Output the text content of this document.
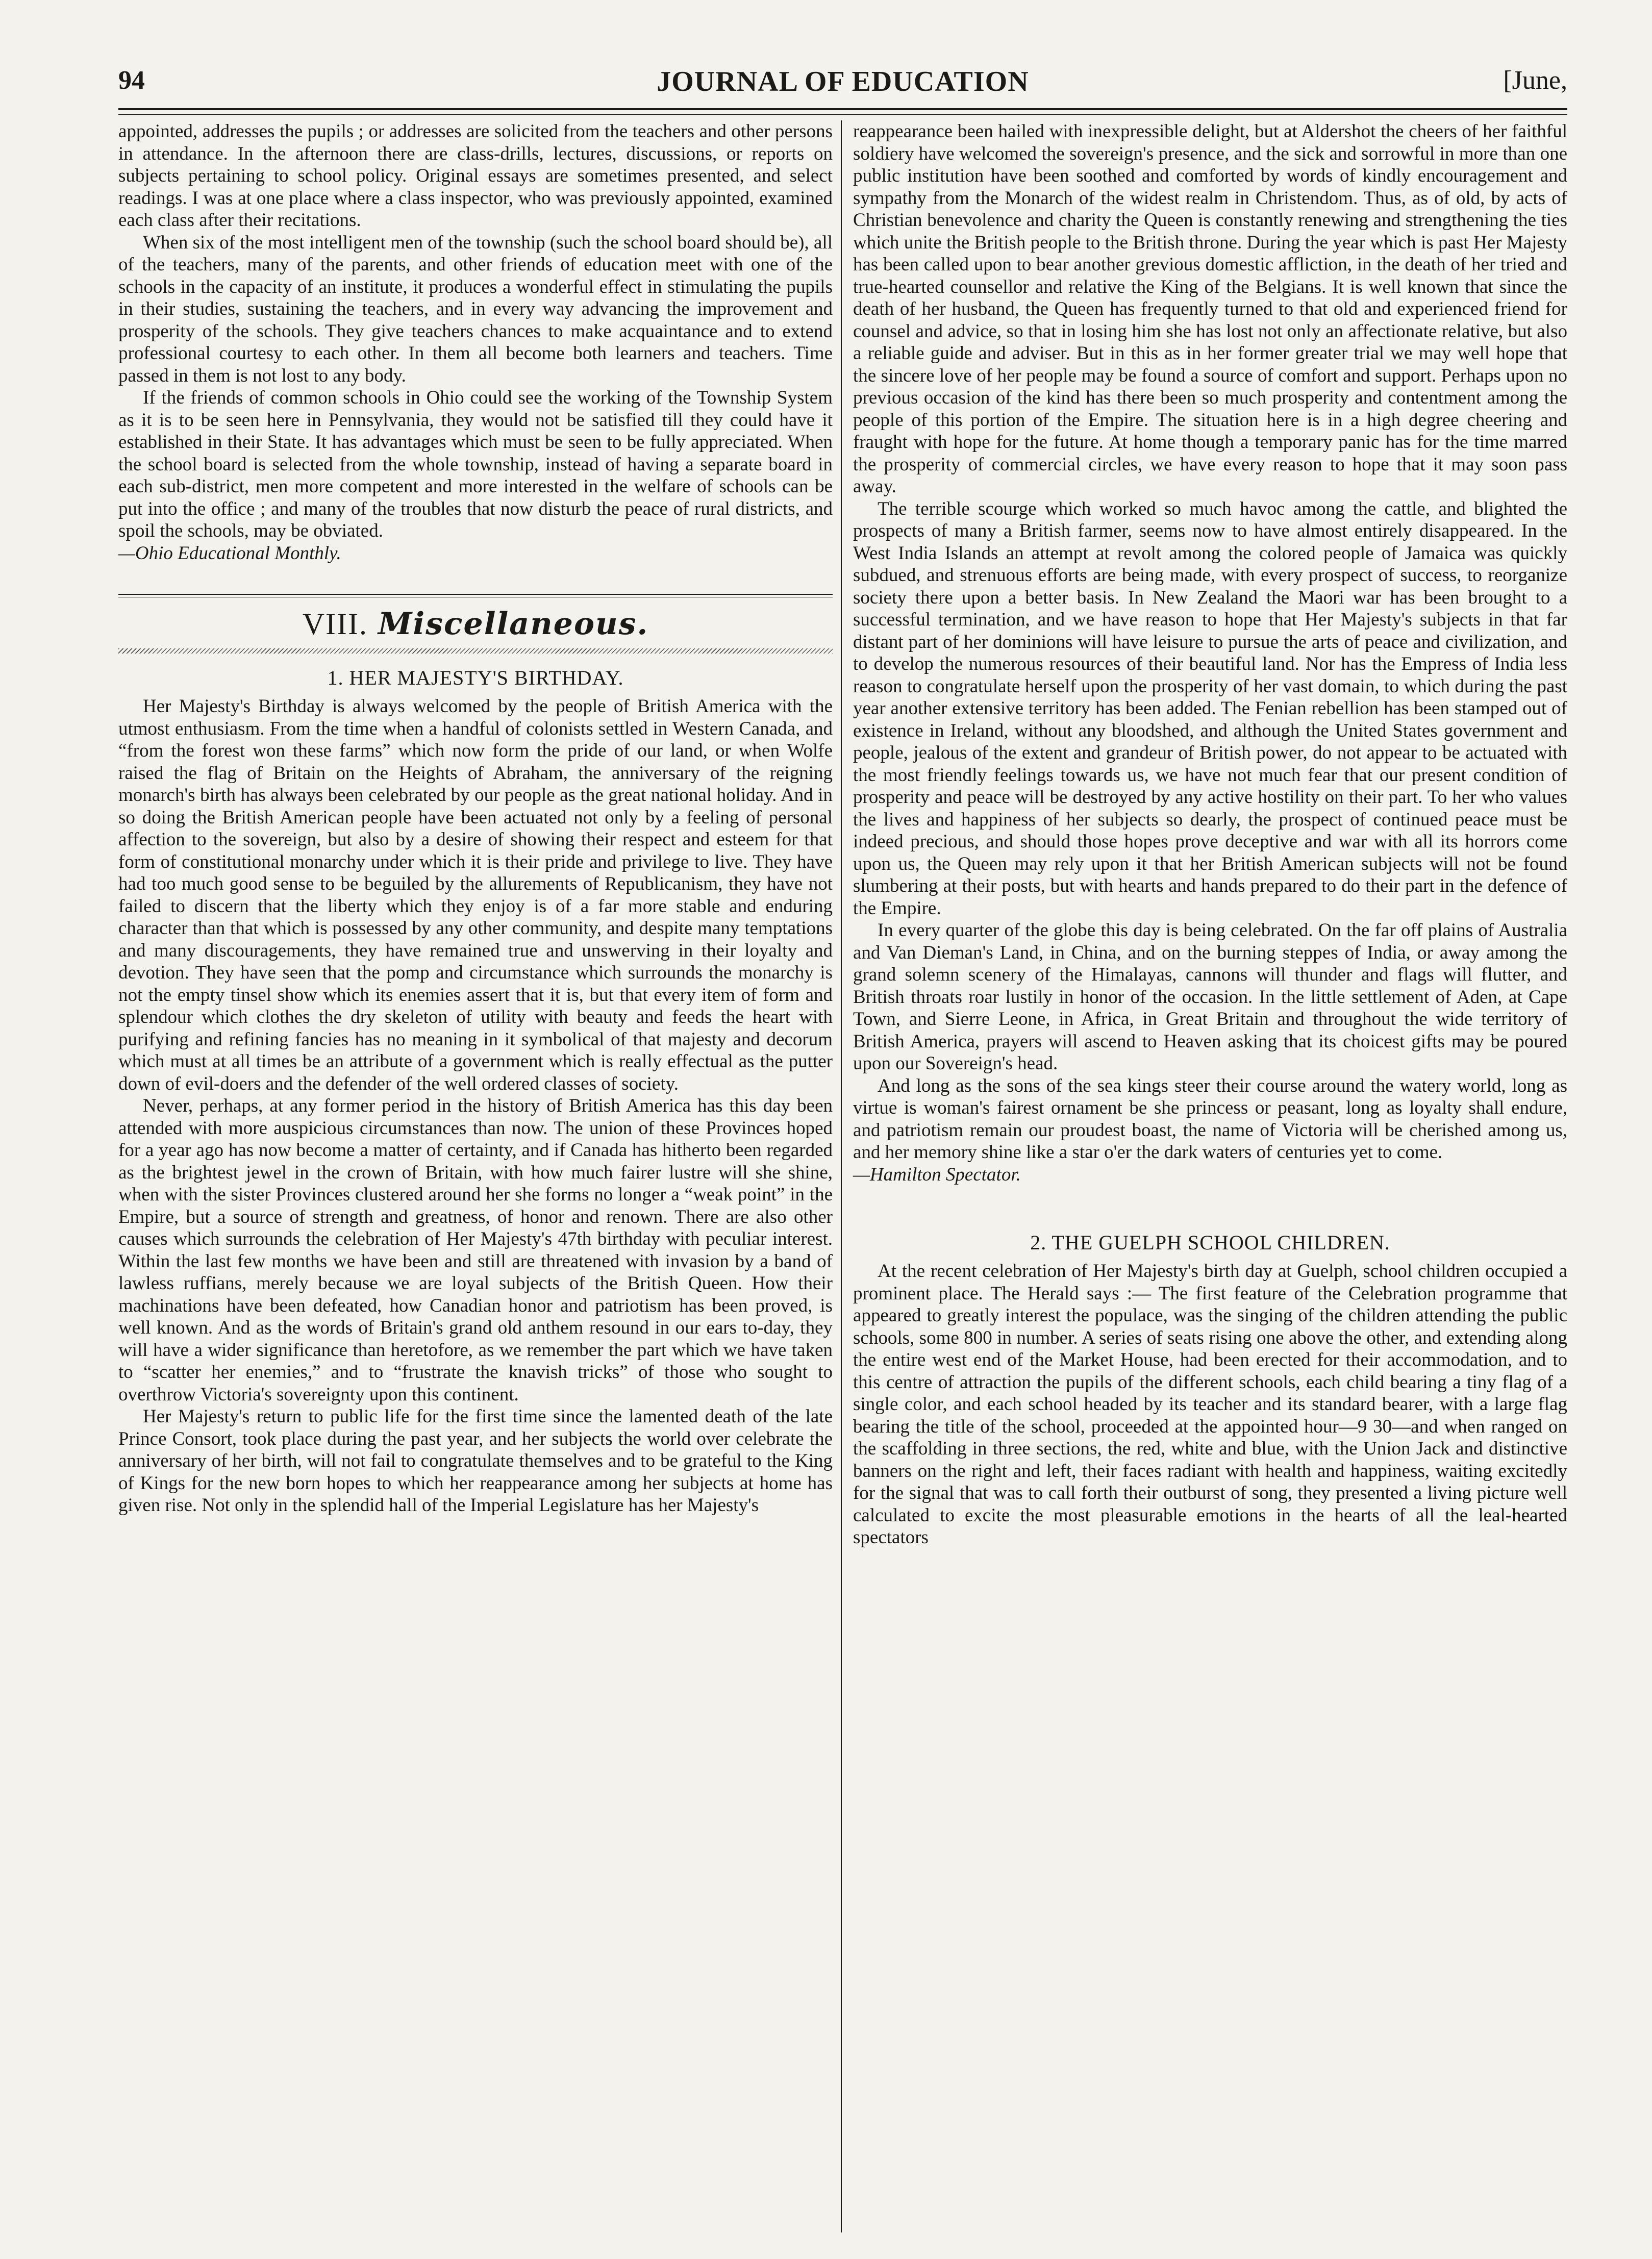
94	JOURNAL OF EDUCATION	[June,

appointed, addresses the pupils ; or addresses are solicited from the teachers and other persons in attendance. In the afternoon there are class-drills, lectures, discussions, or reports on subjects pertaining to school policy. Original essays are sometimes presented, and select readings. I was at one place where a class inspector, who was previously appointed, examined each class after their recitations.

When six of the most intelligent men of the township (such the school board should be), all of the teachers, many of the parents, and other friends of education meet with one of the schools in the capacity of an institute, it produces a wonderful effect in stimulating the pupils in their studies, sustaining the teachers, and in every way advancing the improvement and prosperity of the schools. They give teachers chances to make acquaintance and to extend professional courtesy to each other. In them all become both learners and teachers. Time passed in them is not lost to any body.

If the friends of common schools in Ohio could see the working of the Township System as it is to be seen here in Pennsylvania, they would not be satisfied till they could have it established in their State. It has advantages which must be seen to be fully appreciated. When the school board is selected from the whole township, instead of having a separate board in each sub-district, men more competent and more interested in the welfare of schools can be put into the office ; and many of the troubles that now disturb the peace of rural districts, and spoil the schools, may be obviated.

—Ohio Educational Monthly.

VIII. Miscellaneous.
1. HER MAJESTY'S BIRTHDAY.

Her Majesty's Birthday is always welcomed by the people of British America with the utmost enthusiasm. From the time when a handful of colonists settled in Western Canada, and “from the forest won these farms” which now form the pride of our land, or when Wolfe raised the flag of Britain on the Heights of Abraham, the anniversary of the reigning monarch's birth has always been celebrated by our people as the great national holiday. And in so doing the British American people have been actuated not only by a feeling of personal affection to the sovereign, but also by a desire of showing their respect and esteem for that form of constitutional monarchy under which it is their pride and privilege to live. They have had too much good sense to be beguiled by the allurements of Republicanism, they have not failed to discern that the liberty which they enjoy is of a far more stable and enduring character than that which is possessed by any other community, and despite many temptations and many discouragements, they have remained true and unswerving in their loyalty and devotion. They have seen that the pomp and circumstance which surrounds the monarchy is not the empty tinsel show which its enemies assert that it is, but that every item of form and splendour which clothes the dry skeleton of utility with beauty and feeds the heart with purifying and refining fancies has no meaning in it symbolical of that majesty and decorum which must at all times be an attribute of a government which is really effectual as the putter down of evil-doers and the defender of the well ordered classes of society.

Never, perhaps, at any former period in the history of British America has this day been attended with more auspicious circumstances than now. The union of these Provinces hoped for a year ago has now become a matter of certainty, and if Canada has hitherto been regarded as the brightest jewel in the crown of Britain, with how much fairer lustre will she shine, when with the sister Provinces clustered around her she forms no longer a “weak point” in the Empire, but a source of strength and greatness, of honor and renown. There are also other causes which surrounds the celebration of Her Majesty's 47th birthday with peculiar interest. Within the last few months we have been and still are threatened with invasion by a band of lawless ruffians, merely because we are loyal subjects of the British Queen. How their machinations have been defeated, how Canadian honor and patriotism has been proved, is well known. And as the words of Britain's grand old anthem resound in our ears to-day, they will have a wider significance than heretofore, as we remember the part which we have taken to “scatter her enemies,” and to “frustrate the knavish tricks” of those who sought to overthrow Victoria's sovereignty upon this continent.

Her Majesty's return to public life for the first time since the lamented death of the late Prince Consort, took place during the past year, and her subjects the world over celebrate the anniversary of her birth, will not fail to congratulate themselves and to be grateful to the King of Kings for the new born hopes to which her reappearance among her subjects at home has given rise. Not only in the splendid hall of the Imperial Legislature has her Majesty's

reappearance been hailed with inexpressible delight, but at Aldershot the cheers of her faithful soldiery have welcomed the sovereign's presence, and the sick and sorrowful in more than one public institution have been soothed and comforted by words of kindly encouragement and sympathy from the Monarch of the widest realm in Christendom. Thus, as of old, by acts of Christian benevolence and charity the Queen is constantly renewing and strengthening the ties which unite the British people to the British throne. During the year which is past Her Majesty has been called upon to bear another grevious domestic affliction, in the death of her tried and true-hearted counsellor and relative the King of the Belgians. It is well known that since the death of her husband, the Queen has frequently turned to that old and experienced friend for counsel and advice, so that in losing him she has lost not only an affectionate relative, but also a reliable guide and adviser. But in this as in her former greater trial we may well hope that the sincere love of her people may be found a source of comfort and support. Perhaps upon no previous occasion of the kind has there been so much prosperity and contentment among the people of this portion of the Empire. The situation here is in a high degree cheering and fraught with hope for the future. At home though a temporary panic has for the time marred the prosperity of commercial circles, we have every reason to hope that it may soon pass away.

The terrible scourge which worked so much havoc among the cattle, and blighted the prospects of many a British farmer, seems now to have almost entirely disappeared. In the West India Islands an attempt at revolt among the colored people of Jamaica was quickly subdued, and strenuous efforts are being made, with every prospect of success, to reorganize society there upon a better basis. In New Zealand the Maori war has been brought to a successful termination, and we have reason to hope that Her Majesty's subjects in that far distant part of her dominions will have leisure to pursue the arts of peace and civilization, and to develop the numerous resources of their beautiful land. Nor has the Empress of India less reason to congratulate herself upon the prosperity of her vast domain, to which during the past year another extensive territory has been added. The Fenian rebellion has been stamped out of existence in Ireland, without any bloodshed, and although the United States government and people, jealous of the extent and grandeur of British power, do not appear to be actuated with the most friendly feelings towards us, we have not much fear that our present condition of prosperity and peace will be destroyed by any active hostility on their part. To her who values the lives and happiness of her subjects so dearly, the prospect of continued peace must be indeed precious, and should those hopes prove deceptive and war with all its horrors come upon us, the Queen may rely upon it that her British American subjects will not be found slumbering at their posts, but with hearts and hands prepared to do their part in the defence of the Empire.

In every quarter of the globe this day is being celebrated. On the far off plains of Australia and Van Dieman's Land, in China, and on the burning steppes of India, or away among the grand solemn scenery of the Himalayas, cannons will thunder and flags will flutter, and British throats roar lustily in honor of the occasion. In the little settlement of Aden, at Cape Town, and Sierre Leone, in Africa, in Great Britain and throughout the wide territory of British America, prayers will ascend to Heaven asking that its choicest gifts may be poured upon our Sovereign's head.

And long as the sons of the sea kings steer their course around the watery world, long as virtue is woman's fairest ornament be she princess or peasant, long as loyalty shall endure, and patriotism remain our proudest boast, the name of Victoria will be cherished among us, and her memory shine like a star o'er the dark waters of centuries yet to come.

—Hamilton Spectator.

2. THE GUELPH SCHOOL CHILDREN.

At the recent celebration of Her Majesty's birth day at Guelph, school children occupied a prominent place. The Herald says :— The first feature of the Celebration programme that appeared to greatly interest the populace, was the singing of the children attending the public schools, some 800 in number. A series of seats rising one above the other, and extending along the entire west end of the Market House, had been erected for their accommodation, and to this centre of attraction the pupils of the different schools, each child bearing a tiny flag of a single color, and each school headed by its teacher and its standard bearer, with a large flag bearing the title of the school, proceeded at the appointed hour—9 30—and when ranged on the scaffolding in three sections, the red, white and blue, with the Union Jack and distinctive banners on the right and left, their faces radiant with health and happiness, waiting excitedly for the signal that was to call forth their outburst of song, they presented a living picture well calculated to excite the most pleasurable emotions in the hearts of all the leal-hearted spectators
